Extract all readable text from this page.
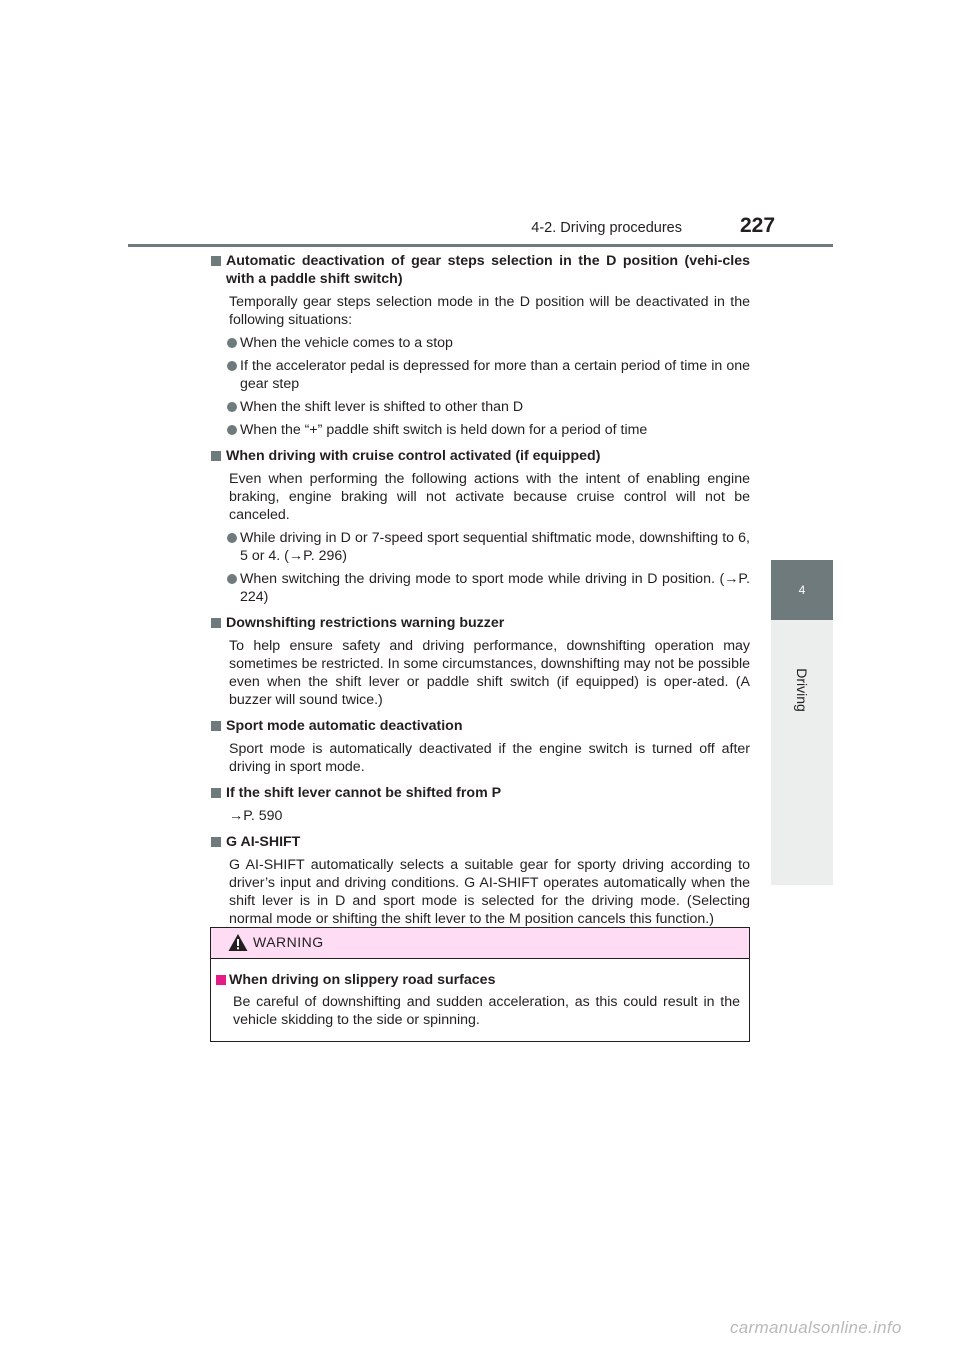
4-2. Driving procedures	227
4
Driving
Automatic deactivation of gear steps selection in the D position (vehi-cles with a paddle shift switch)
Temporally gear steps selection mode in the D position will be deactivated in the following situations:
When the vehicle comes to a stop
If the accelerator pedal is depressed for more than a certain period of time in one gear step
When the shift lever is shifted to other than D
When the “+” paddle shift switch is held down for a period of time
When driving with cruise control activated (if equipped)
Even when performing the following actions with the intent of enabling engine braking, engine braking will not activate because cruise control will not be canceled.
While driving in D or 7-speed sport sequential shiftmatic mode, downshifting to 6, 5 or 4. (→P. 296)
When switching the driving mode to sport mode while driving in D position. (→P. 224)
Downshifting restrictions warning buzzer
To help ensure safety and driving performance, downshifting operation may sometimes be restricted. In some circumstances, downshifting may not be possible even when the shift lever or paddle shift switch (if equipped) is oper-ated. (A buzzer will sound twice.)
Sport mode automatic deactivation
Sport mode is automatically deactivated if the engine switch is turned off after driving in sport mode.
If the shift lever cannot be shifted from P
→P. 590
G AI-SHIFT
G AI-SHIFT automatically selects a suitable gear for sporty driving according to driver’s input and driving conditions. G AI-SHIFT operates automatically when the shift lever is in D and sport mode is selected for the driving mode. (Selecting normal mode or shifting the shift lever to the M position cancels this function.)
WARNING
When driving on slippery road surfaces
Be careful of downshifting and sudden acceleration, as this could result in the vehicle skidding to the side or spinning.
carmanualsonline.info
